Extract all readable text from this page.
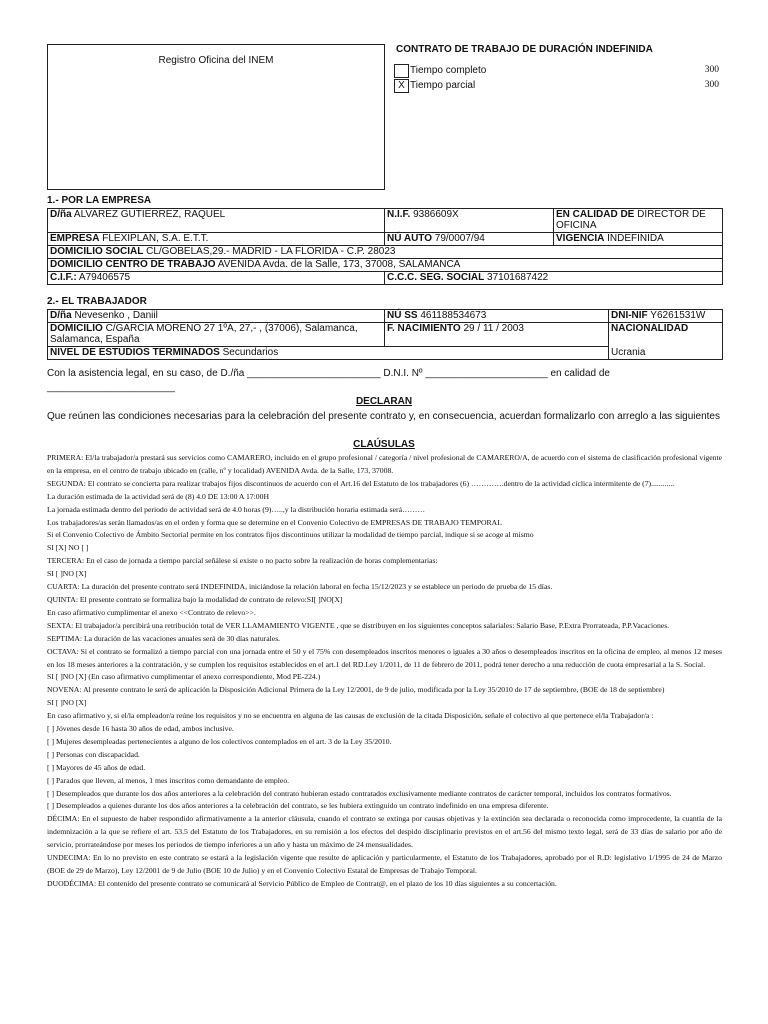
Registro Oficina del INEM
CONTRATO DE TRABAJO DE DURACIÓN INDEFINIDA
Tiempo completo	300
X Tiempo parcial	300
1.- POR LA EMPRESA
D/ña ALVAREZ GUTIERREZ, RAQUEL	N.I.F. 9386609X	EN CALIDAD DE DIRECTOR DE OFICINA
EMPRESA FLEXIPLAN, S.A. E.T.T.	NÚ AUTO 79/0007/94	VIGENCIA INDEFINIDA
DOMICILIO SOCIAL CL/GOBELAS,29.- MADRID - LA FLORIDA - C.P. 28023		
DOMICILIO CENTRO DE TRABAJO AVENIDA Avda. de la Salle, 173, 37008, SALAMANCA		
C.I.F.: A79406575	C.C.C. SEG. SOCIAL 37101687422	
2.- EL TRABAJADOR
D/ña Nevesenko , Daniil	NÚ SS 461188534673	DNI-NIF Y6261531W
DOMICILIO C/GARCIA MORENO 27 1ºA, 27,- , (37006), Salamanca, Salamanca, España	F. NACIMIENTO 29 / 11 / 2003	NACIONALIDAD
Ucrania

NIVEL DE ESTUDIOS TERMINADOS Secundarios		
Con la asistencia legal, en su caso, de D./ña ________________________ D.N.I. Nº ______________________ en calidad de
_______________________
DECLARAN
Que reúnen las condiciones necesarias para la celebración del presente contrato y, en consecuencia, acuerdan formalizarlo con arreglo a las siguientes
CLAÚSULAS

PRIMERA: El/la trabajador/a prestará sus servicios como CAMARERO, incluido en el grupo profesional / categoría / nivel profesional de CAMARERO/A, de acuerdo con el sistema de clasificación profesional vigente en la empresa, en el centro de trabajo ubicado en (calle, nº y localidad) AVENIDA Avda. de la Salle, 173, 37008.

SEGUNDA: El contrato se concierta para realizar trabajos fijos discontinuos de acuerdo con el Art.16 del Estatuto de los trabajadores (6) ………….dentro de la actividad cíclica intermitente de (7)............

La duración estimada de la actividad será de (8) 4.0 DE 13:00 A 17:00H

La jornada estimada dentro del periodo de actividad será de 4.0 horas (9)…..,y la distribución horaria estimada será………

Los trabajadores/as serán llamados/as en el orden y forma que se determine en el Convenio Colectivo de EMPRESAS DE TRABAJO TEMPORAL

Si el Convenio Colectivo de Ámbito Sectorial permite en los contratos fijos discontinuos utilizar la modalidad de tiempo parcial, indique si se acoge al mismo

SI [X] NO [ ]

TERCERA: En el caso de jornada a tiempo parcial señálese si existe o no pacto sobre la realización de horas complementarias:

SI [ ]NO [X]

CUARTA: La duración del presente contrato será INDEFINIDA, iniciándose la relación laboral en fecha 15/12/2023 y se establece un periodo de prueba de 15 días.

QUINTA: El presente contrato se formaliza bajo la modalidad de contrato de relevo:SI[ ]NO[X]

En caso afirmativo cumplimentar el anexo <<Contrato de relevo>>.

SEXTA: El trabajador/a percibirá una retribución total de VER LLAMAMIENTO VIGENTE , que se distribuyen en los siguientes conceptos salariales: Salario Base, P.Extra Prorrateada, P.P.Vacaciones.

SEPTIMA: La duración de las vacaciones anuales será de 30 días naturales.

OCTAVA: Si el contrato se formalizó a tiempo parcial con una jornada entre el 50 y el 75% con desempleados inscritos menores o iguales a 30 años o desempleados inscritos en la oficina de empleo, al menos 12 meses en los 18 meses anteriores a la contratación, y se cumplen los requisitos establecidos en el art.1 del RD.Ley 1/2011, de 11 de febrero de 2011, podrá tener derecho a una reducción de cuota empresarial a la S. Social.

SI [ ]NO [X] (En caso afirmativo cumplimentar el anexo correspondiente, Mod PE-224.)

NOVENA: Al presente contrato le será de aplicación la Disposición Adicional Primera de la Ley 12/2001, de 9 de julio, modificada por la Ley 35/2010 de 17 de septiembre, (BOE de 18 de septiembre)

SI [ ]NO [X]

En caso afirmativo y, si el/la empleador/a reúne los requisitos y no se encuentra en alguna de las causas de exclusión de la citada Disposición, señale el colectivo al que pertenece el/la Trabajador/a :

[ ] Jóvenes desde 16 hasta 30 años de edad, ambos inclusive.

[ ] Mujeres desempleadas pertenecientes a alguno de los colectivos contemplados en el art. 3 de la Ley 35/2010.

[ ] Personas con discapacidad.

[ ] Mayores de 45 años de edad.

[ ] Parados que lleven, al menos, 1 mes inscritos como demandante de empleo.

[ ] Desempleados que durante los dos años anteriores a la celebración del contrato hubieran estado contratados exclusivamente mediante contratos de carácter temporal, incluidos los contratos formativos.

[ ] Desempleados a quienes durante los dos años anteriores a la celebración del contrato, se les hubiera extinguido un contrato indefinido en una empresa diferente.

DÉCIMA: En el supuesto de haber respondido afirmativamente a la anterior cláusula, cuando el contrato se extinga por causas objetivas y la extinción sea declarada o reconocida como improcedente, la cuantía de la indemnización a la que se refiere el art. 53.5 del Estatuto de los Trabajadores, en su remisión a los efectos del despido disciplinario previstos en el art.56 del mismo texto legal, será de 33 días de salario por año de servicio, prorrateándose por meses los periodos de tiempo inferiores a un año y hasta un máximo de 24 mensualidades.

UNDECIMA: En lo no previsto en este contrato se estará a la legislación vigente que resulte de aplicación y particularmente, el Estatuto de los Trabajadores, aprobado por el R.D: legislativo 1/1995 de 24 de Marzo (BOE de 29 de Marzo), Ley 12/2001 de 9 de Julio (BOE 10 de Julio) y en el Convenio Colectivo Estatal de Empresas de Trabajo Temporal.

DUODÉCIMA: El contenido del presente contrato se comunicará al Servicio Público de Empleo de Contrat@, en el plazo de los 10 días siguientes a su concertación.
